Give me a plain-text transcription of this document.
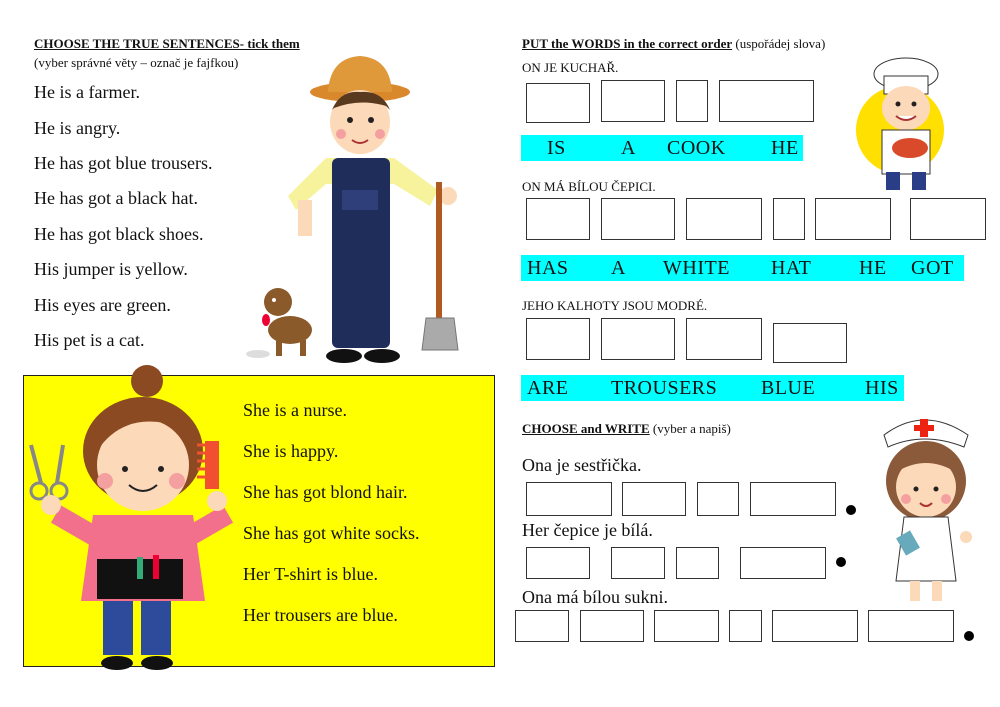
CHOOSE THE TRUE SENTENCES- tick them
(vyber správné věty – označ je fajfkou)
He is a farmer.
He is angry.
He has got blue trousers.
He has got a black hat.
He has got black shoes.
His jumper is yellow.
His eyes are green.
His pet is a cat.
She is a nurse.
She is happy.
She has got blond hair.
She has got white socks.
Her T-shirt is blue.
Her trousers are blue.
PUT the WORDS in the correct order (uspořádej slova)
ON JE KUCHAŘ.
IS	A COOK HE
ON MÁ BÍLOU ČEPICI.
HAS A WHITE HAT HE GOT
JEHO KALHOTY JSOU MODRÉ.
ARE TROUSERS BLUE HIS
CHOOSE and WRITE (vyber a napiš)
Ona je sestřička.
Her čepice je bílá.
Ona má bílou sukni.
